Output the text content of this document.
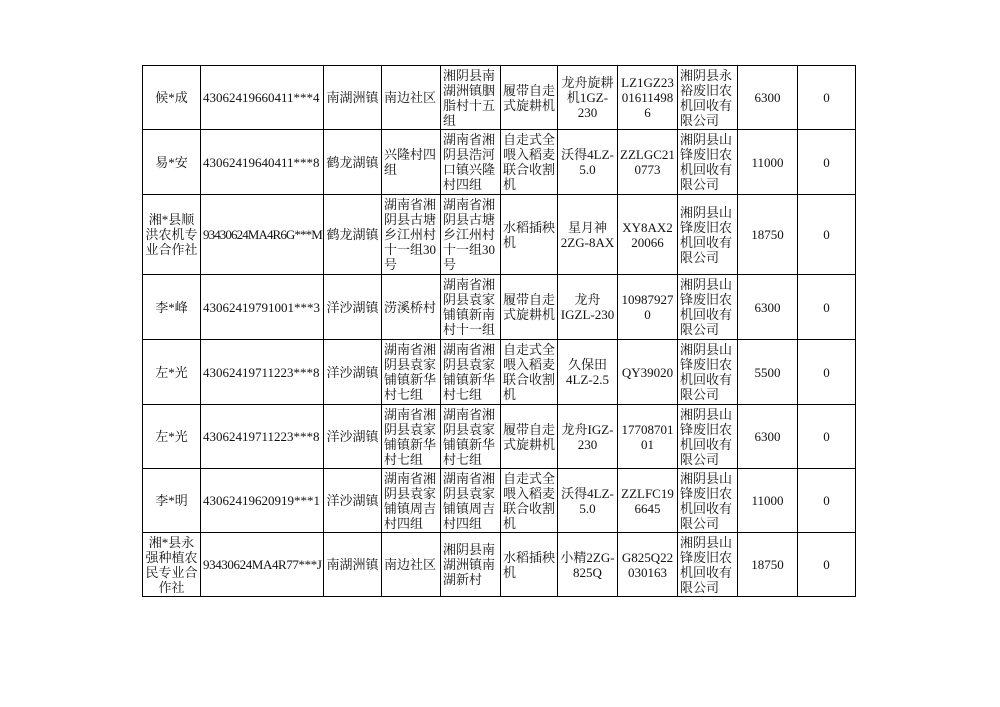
候*成	43062419660411***4	南湖洲镇	南边社区	湘阴县南湖洲镇胭脂村十五组	履带自走式旋耕机	龙舟旋耕机1GZ-230	LZ1GZ23016114986	湘阴县永裕废旧农机回收有限公司	6300	0
易*安	43062419640411***8	鹤龙湖镇	兴隆村四组	湖南省湘阴县浩河口镇兴隆村四组	自走式全喂入稻麦联合收割机	沃得4LZ-5.0	ZZLGC210773	湘阴县山锋废旧农机回收有限公司	11000	0
湘*县顺洪农机专业合作社	93430624MA4R6G***M	鹤龙湖镇	湖南省湘阴县古塘乡江州村十一组30号	湖南省湘阴县古塘乡江州村十一组30号	水稻插秧机	星月神2ZG-8AX	XY8AX220066	湘阴县山锋废旧农机回收有限公司	18750	0
李*峰	43062419791001***3	洋沙湖镇	涝溪桥村	湖南省湘阴县袁家铺镇新南村十一组	履带自走式旋耕机	龙舟IGZL-230	109879270	湘阴县山锋废旧农机回收有限公司	6300	0
左*光	43062419711223***8	洋沙湖镇	湖南省湘阴县袁家铺镇新华村七组	湖南省湘阴县袁家铺镇新华村七组	自走式全喂入稻麦联合收割机	久保田4LZ-2.5	QY39020	湘阴县山锋废旧农机回收有限公司	5500	0
左*光	43062419711223***8	洋沙湖镇	湖南省湘阴县袁家铺镇新华村七组	湖南省湘阴县袁家铺镇新华村七组	履带自走式旋耕机	龙舟IGZ-230	1770870101	湘阴县山锋废旧农机回收有限公司	6300	0
李*明	43062419620919***1	洋沙湖镇	湖南省湘阴县袁家铺镇周吉村四组	湖南省湘阴县袁家铺镇周吉村四组	自走式全喂入稻麦联合收割机	沃得4LZ-5.0	ZZLFC196645	湘阴县山锋废旧农机回收有限公司	11000	0
湘*县永强种植农民专业合作社	93430624MA4R77***J	南湖洲镇	南边社区	湘阴县南湖洲镇南湖新村	水稻插秧机	小精2ZG-825Q	G825Q22030163	湘阴县山锋废旧农机回收有限公司	18750	0
